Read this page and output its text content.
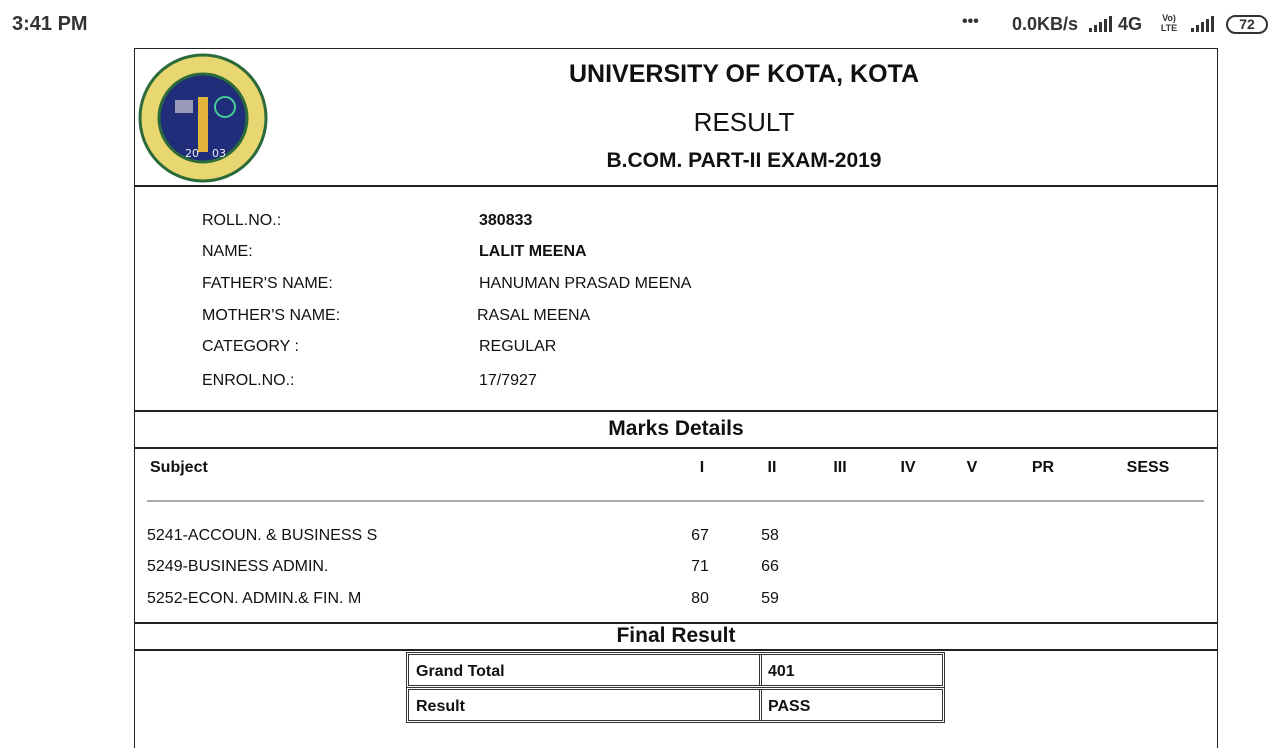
3:41 PM	••• 0.0KB/s 4G	Vo) LTE	72
20 03
UNIVERSITY OF KOTA, KOTA
RESULT
B.COM. PART-II EXAM-2019
ROLL.NO.:	380833
NAME:	LALIT MEENA
FATHER'S NAME:	HANUMAN PRASAD MEENA
MOTHER'S NAME:	RASAL MEENA
CATEGORY :	REGULAR
ENROL.NO.:	17/7927
Marks Details
Subject	I	II	III	IV	V	PR	SESS
5241-ACCOUN. & BUSINESS S	67	58
5249-BUSINESS ADMIN.	71	66
5252-ECON. ADMIN.& FIN. M	80	59
Final Result
Grand Total	401
Result	PASS
